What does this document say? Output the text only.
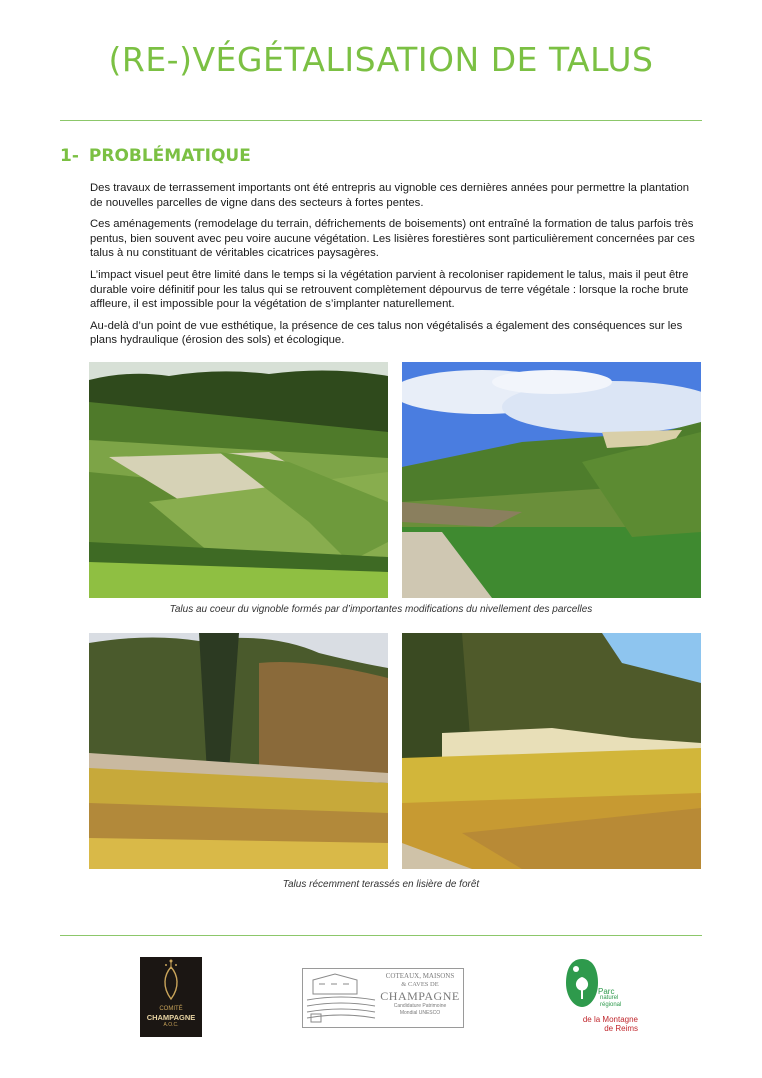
(RE-)VÉGÉTALISATION DE TALUS
1- PROBLÉMATIQUE

Des travaux de terrassement importants ont été entrepris au vignoble ces dernières années pour permettre la plantation de nouvelles parcelles de vigne dans des secteurs à fortes pentes.

Ces aménagements (remodelage du terrain, défrichements de boisements) ont entraîné la formation de talus parfois très pentus, bien souvent avec peu voire aucune végétation. Les lisières forestières sont particulièrement concernées par ces talus à nu constituant de véritables cicatrices paysagères.

L’impact visuel peut être limité dans le temps si la végétation parvient à recoloniser rapidement le talus, mais il peut être durable voire définitif pour les talus qui se retrouvent complètement dépourvus de terre végétale : lorsque la roche brute affleure, il est impossible pour la végétation de s’implanter naturellement.

Au-delà d’un point de vue esthétique, la présence de ces talus non végétalisés a également des conséquences sur les plans hydraulique (érosion des sols) et écologique.

Talus au coeur du vignoble formés par d’importantes modifications du nivellement des parcelles
Talus récemment terassés en lisière de forêt
COMITÉ
CHAMPAGNE
A.O.C.
COTEAUX, MAISONS
& CAVES DE
CHAMPAGNE
Candidature Patrimoine
Mondial UNESCO
Parc
naturel
régional
de la Montagne
de Reims
